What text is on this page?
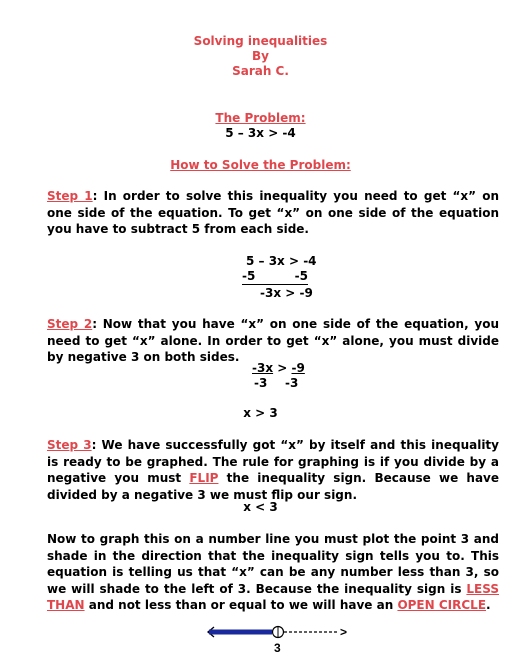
Solving inequalities
By
Sarah C.
The Problem:
5 – 3x > -4
How to Solve the Problem:
Step 1: In order to solve this inequality you need to get “x” on one side of the equation. To get “x” on one side of the equation you have to subtract 5 from each side.
5 – 3x > -4
-5	-5
-3x > -9
Step 2: Now that you have “x” on one side of the equation, you need to get “x” alone. In order to get “x” alone, you must divide by negative 3 on both sides.
-3x > -9
-3 -3
x > 3
Step 3: We have successfully got “x” by itself and this inequality is ready to be graphed. The rule for graphing is if you divide by a negative you must FLIP the inequality sign. Because we have divided by a negative 3 we must flip our sign.
x < 3
Now to graph this on a number line you must plot the point 3 and shade in the direction that the inequality sign tells you to. This equation is telling us that “x” can be any number less than 3, so we will shade to the left of 3. Because the inequality sign is LESS THAN and not less than or equal to we will have an OPEN CIRCLE.
>
3
